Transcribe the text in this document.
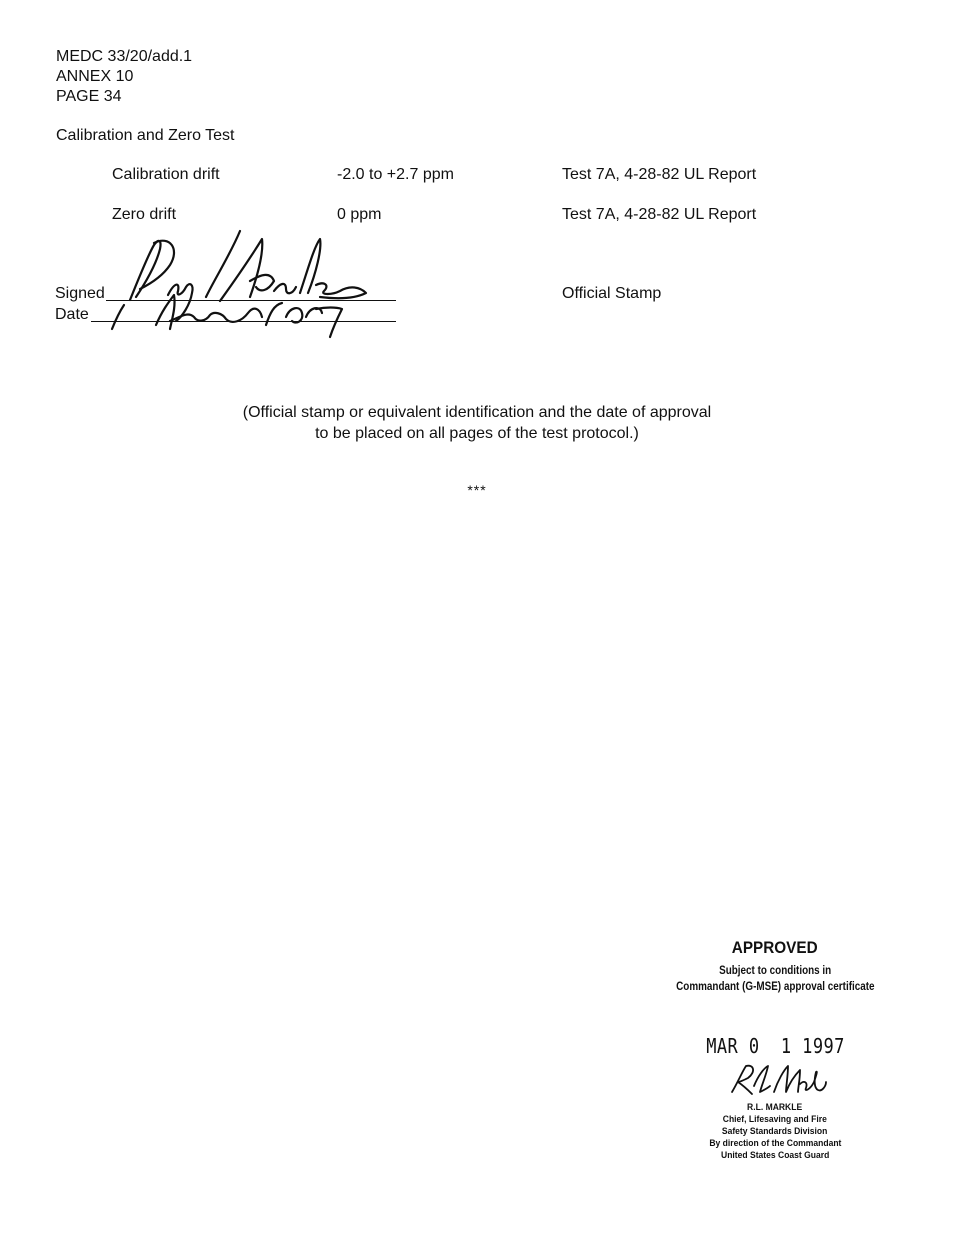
MEDC 33/20/add.1
ANNEX 10
PAGE 34
Calibration and Zero Test
Calibration drift	-2.0 to +2.7 ppm	Test 7A, 4-28-82 UL Report
Zero drift	0 ppm	Test 7A, 4-28-82 UL Report
Signed
Date
Official Stamp
(Official stamp or equivalent identification and the date of approval
to be placed on all pages of the test protocol.)
***
APPROVED
Subject to conditions in
Commandant (G-MSE) approval certificate
MAR 0  1 1997
R.L. MARKLE
Chief, Lifesaving and Fire
Safety Standards Division
By direction of the Commandant
United States Coast Guard
